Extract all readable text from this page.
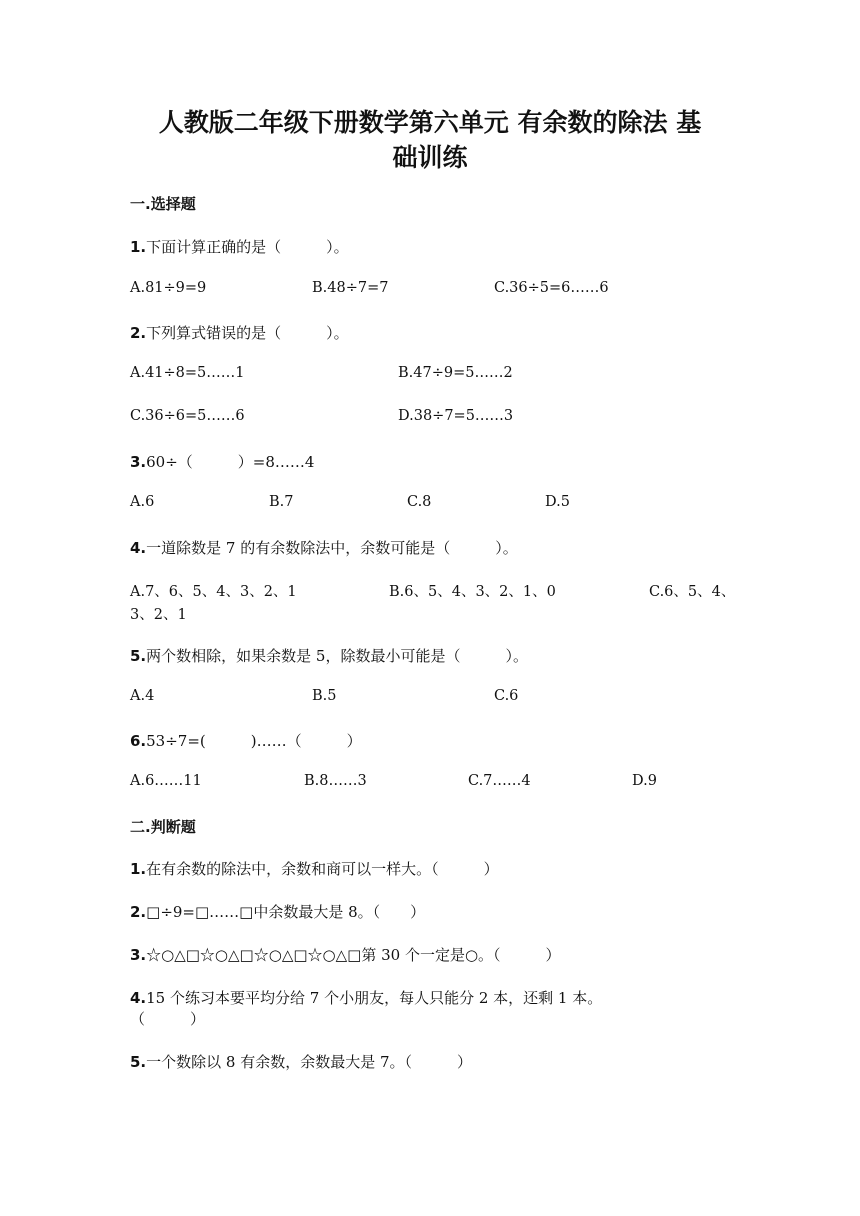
人教版二年级下册数学第六单元 有余数的除法 基
础训练
一.选择题
1.下面计算正确的是（　　　）。
A.81÷9=9	B.48÷7=7	C.36÷5=6……6
2.下列算式错误的是（　　　）。
A.41÷8=5……1	B.47÷9=5……2
C.36÷6=5……6	D.38÷7=5……3
3.60÷（　　　）=8……4
A.6	B.7	C.8	D.5
4.一道除数是 7 的有余数除法中，余数可能是（　　　）。
A.7、6、5、4、3、2、1	B.6、5、4、3、2、1、0	C.6、5、4、
3、2、1
5.两个数相除，如果余数是 5，除数最小可能是（　　　）。
A.4	B.5	C.6
6.53÷7=(　　　)……（　　　）
A.6……11	B.8……3	C.7……4	D.9
二.判断题
1.在有余数的除法中，余数和商可以一样大。（　　　）
2.□÷9=□……□中余数最大是 8。（　　）
3.☆○△□☆○△□☆○△□☆○△□第 30 个一定是○。（　　　）
4.15 个练习本要平均分给 7 个小朋友，每人只能分 2 本，还剩 1 本。
（　　　）
5.一个数除以 8 有余数，余数最大是 7。（　　　）
